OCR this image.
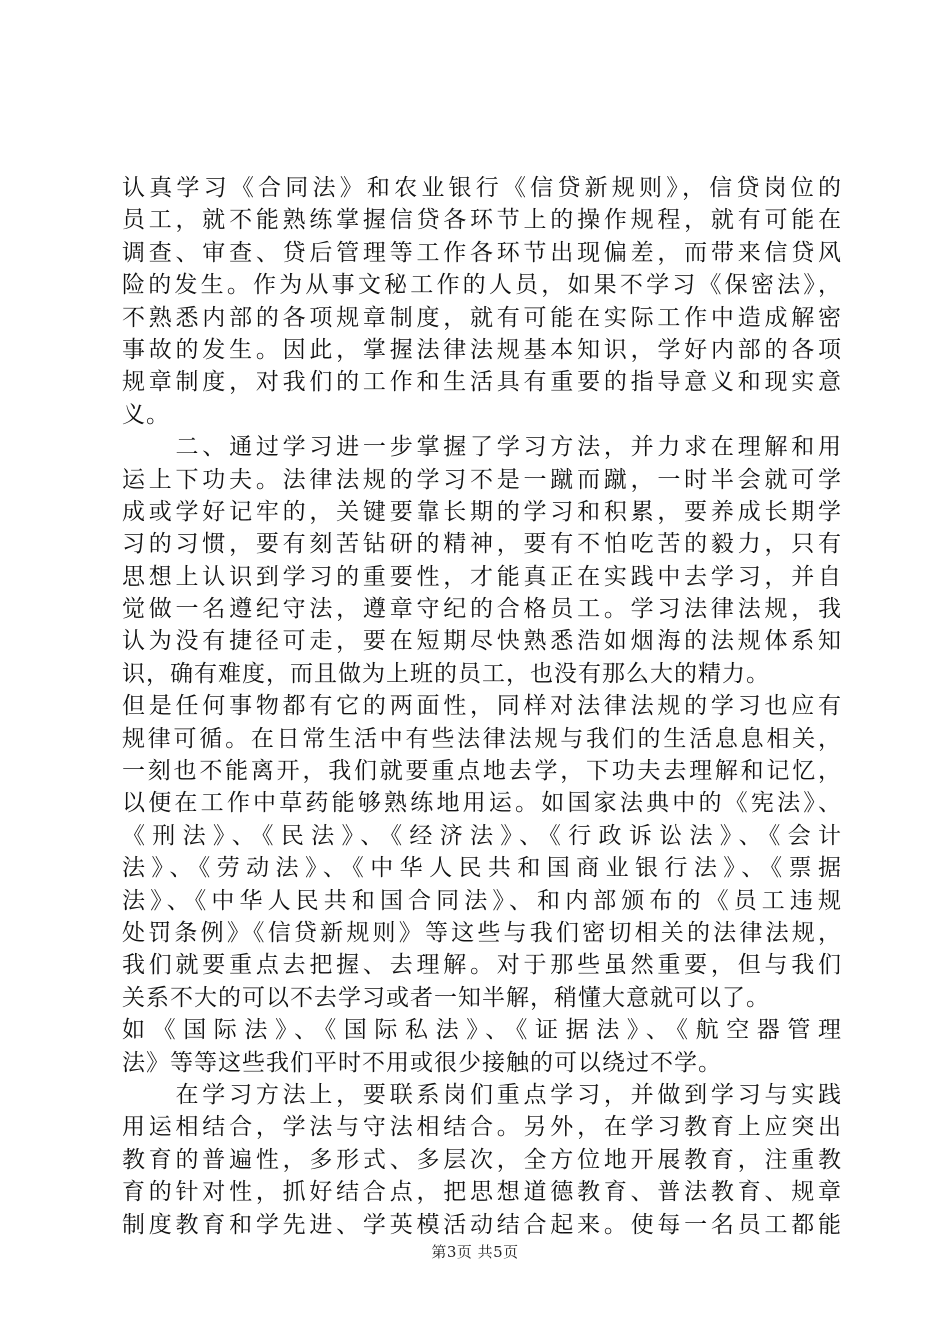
认真学习《合同法》和农业银行《信贷新规则》，信贷岗位的
员工，就不能熟练掌握信贷各环节上的操作规程，就有可能在
调查、审查、贷后管理等工作各环节出现偏差，而带来信贷风
险的发生。作为从事文秘工作的人员，如果不学习《保密法》，
不熟悉内部的各项规章制度，就有可能在实际工作中造成解密
事故的发生。因此，掌握法律法规基本知识，学好内部的各项
规章制度，对我们的工作和生活具有重要的指导意义和现实意
义。
　　二、通过学习进一步掌握了学习方法，并力求在理解和用
运上下功夫。法律法规的学习不是一蹴而蹴，一时半会就可学
成或学好记牢的，关键要靠长期的学习和积累，要养成长期学
习的习惯，要有刻苦钻研的精神，要有不怕吃苦的毅力，只有
思想上认识到学习的重要性，才能真正在实践中去学习，并自
觉做一名遵纪守法，遵章守纪的合格员工。学习法律法规，我
认为没有捷径可走，要在短期尽快熟悉浩如烟海的法规体系知
识，确有难度，而且做为上班的员工，也没有那么大的精力。
但是任何事物都有它的两面性，同样对法律法规的学习也应有
规律可循。在日常生活中有些法律法规与我们的生活息息相关，
一刻也不能离开，我们就要重点地去学，下功夫去理解和记忆，
以便在工作中草药能够熟练地用运。如国家法典中的《宪法》、
《刑法》、《民法》、《经济法》、《行政诉讼法》、《会计
法》、《劳动法》、《中华人民共和国商业银行法》、《票据
法》、《中华人民共和国合同法》、和内部颁布的《员工违规
处罚条例》《信贷新规则》等这些与我们密切相关的法律法规，
我们就要重点去把握、去理解。对于那些虽然重要，但与我们
关系不大的可以不去学习或者一知半解，稍懂大意就可以了。
如《国际法》、《国际私法》、《证据法》、《航空器管理
法》等等这些我们平时不用或很少接触的可以绕过不学。
　　在学习方法上，要联系岗们重点学习，并做到学习与实践
用运相结合，学法与守法相结合。另外，在学习教育上应突出
教育的普遍性，多形式、多层次，全方位地开展教育，注重教
育的针对性，抓好结合点，把思想道德教育、普法教育、规章
制度教育和学先进、学英模活动结合起来。使每一名员工都能
第3页 共5页
